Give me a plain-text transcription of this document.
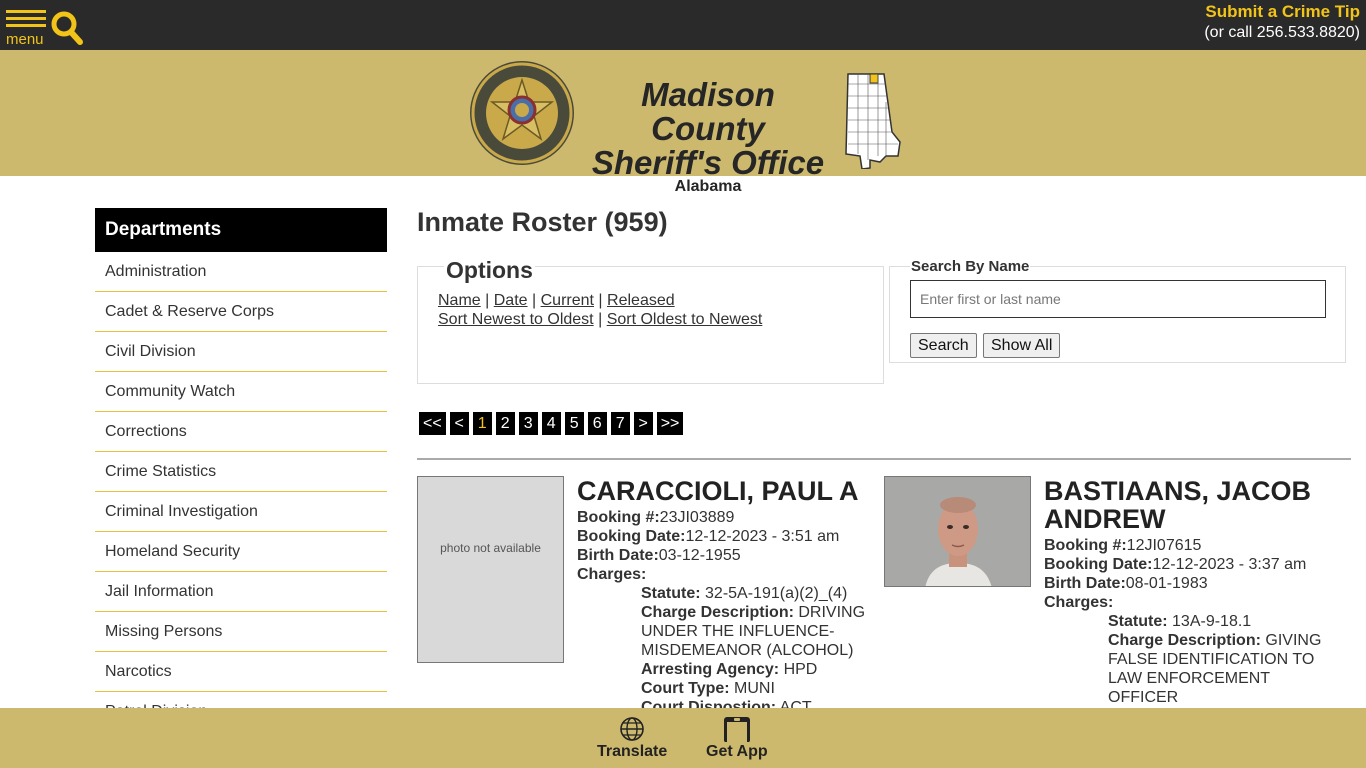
menu
Submit a Crime Tip
(or call 256.533.8820)
Madison County
Sheriff's Office
Alabama
Departments
Administration
Cadet & Reserve Corps
Civil Division
Community Watch
Corrections
Crime Statistics
Criminal Investigation
Homeland Security
Jail Information
Missing Persons
Narcotics
Inmate Roster (959)
Options
Name | Date | Current | Released
Sort Newest to Oldest | Sort Oldest to Newest
Search By Name
Enter first or last name
Search	Show All
<< < 1 2 3 4 5 6 7 > >>
photo not available
CARACCIOLI, PAUL A
Booking #:23JI03889
Booking Date:12-12-2023 - 3:51 am
Birth Date:03-12-1955
Charges:
Statute: 32-5A-191(a)(2)_(4)
Charge Description: DRIVING UNDER THE INFLUENCE-MISDEMEANOR (ALCOHOL)
Arresting Agency: HPD
Court Type: MUNI
BASTIAANS, JACOB ANDREW
Booking #:12JI07615
Booking Date:12-12-2023 - 3:37 am
Birth Date:08-01-1983
Charges:
Statute: 13A-9-18.1
Charge Description: GIVING FALSE IDENTIFICATION TO LAW ENFORCEMENT OFFICER
Translate Get App
